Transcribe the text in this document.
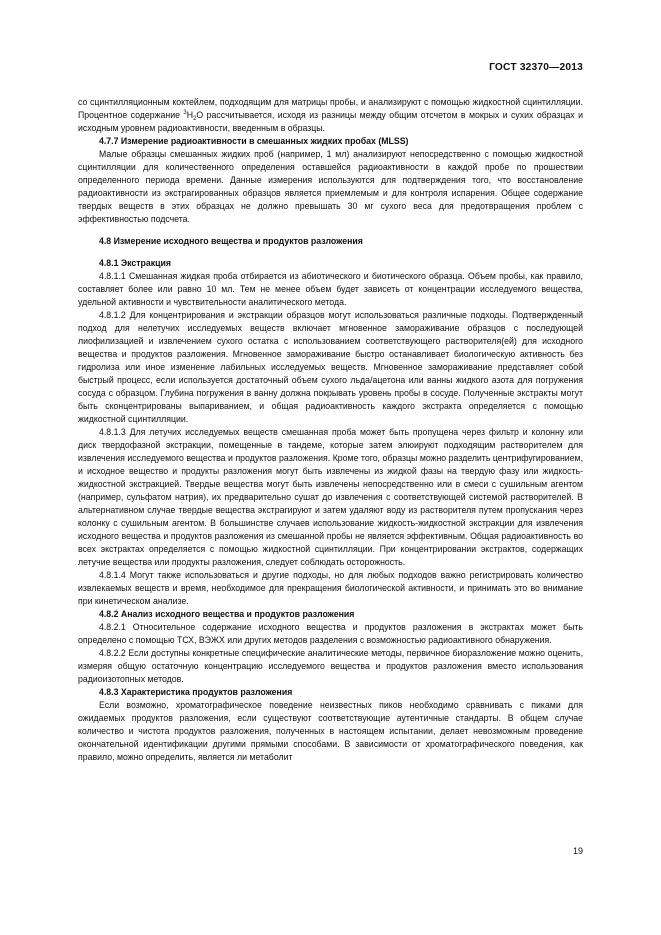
ГОСТ 32370—2013

со сцинтилляционным коктейлем, подходящим для матрицы пробы, и анализируют с помощью жидкостной сцинтилляции. Процентное содержание $^3H_2O$ рассчитывается, исходя из разницы между общим отсчетом в мокрых и сухих образцах и исходным уровнем радиоактивности, введенным в образцы.

4.7.7 Измерение радиоактивности в смешанных жидких пробах (MLSS)

Малые образцы смешанных жидких проб (например, 1 мл) анализируют непосредственно с помощью жидкостной сцинтилляции для количественного определения оставшейся радиоактивности в каждой пробе по прошествии определенного периода времени. Данные измерения используются для подтверждения того, что восстановление радиоактивности из экстрагированных образцов является приемлемым и для контроля испарения. Общее содержание твердых веществ в этих образцах не должно превышать 30 мг сухого веса для предотвращения проблем с эффективностью подсчета.

4.8 Измерение исходного вещества и продуктов разложения

4.8.1 Экстракция

4.8.1.1 Смешанная жидкая проба отбирается из абиотического и биотического образца. Объем пробы, как правило, составляет более или равно 10 мл. Тем не менее объем будет зависеть от концентрации исследуемого вещества, удельной активности и чувствительности аналитического метода.

4.8.1.2 Для концентрирования и экстракции образцов могут использоваться различные подходы. Подтвержденный подход для нелетучих исследуемых веществ включает мгновенное замораживание образцов с последующей лиофилизацией и извлечением сухого остатка с использованием соответствующего растворителя(ей) для исходного вещества и продуктов разложения. Мгновенное замораживание быстро останавливает биологическую активность без гидролиза или иное изменение лабильных исследуемых веществ. Мгновенное замораживание представляет собой быстрый процесс, если используется достаточный объем сухого льда/ацетона или ванны жидкого азота для погружения сосуда с образцом. Глубина погружения в ванну должна покрывать уровень пробы в сосуде. Полученные экстракты могут быть сконцентрированы выпариванием, и общая радиоактивность каждого экстракта определяется с помощью жидкостной сцинтилляции.

4.8.1.3 Для летучих исследуемых веществ смешанная проба может быть пропущена через фильтр и колонну или диск твердофазной экстракции, помещенные в тандеме, которые затем элюируют подходящим растворителем для извлечения исследуемого вещества и продуктов разложения. Кроме того, образцы можно разделить центрифугированием, и исходное вещество и продукты разложения могут быть извлечены из жидкой фазы на твердую фазу или жидкость-жидкостной экстракцией. Твердые вещества могут быть извлечены непосредственно или в смеси с сушильным агентом (например, сульфатом натрия), их предварительно сушат до извлечения с соответствующей системой растворителей. В альтернативном случае твердые вещества экстрагируют и затем удаляют воду из растворителя путем пропускания через колонку с сушильным агентом. В большинстве случаев использование жидкость-жидкостной экстракции для извлечения исходного вещества и продуктов разложения из смешанной пробы не является эффективным. Общая радиоактивность во всех экстрактах определяется с помощью жидкостной сцинтилляции. При концентрировании экстрактов, содержащих летучие вещества или продукты разложения, следует соблюдать осторожность.

4.8.1.4 Могут также использоваться и другие подходы, но для любых подходов важно регистрировать количество извлекаемых веществ и время, необходимое для прекращения биологической активности, и принимать это во внимание при кинетическом анализе.

4.8.2 Анализ исходного вещества и продуктов разложения

4.8.2.1 Относительное содержание исходного вещества и продуктов разложения в экстрактах может быть определено с помощью ТСХ, ВЭЖХ или других методов разделения с возможностью радиоактивного обнаружения.

4.8.2.2 Если доступны конкретные специфические аналитические методы, первичное биоразложение можно оценить, измеряя общую остаточную концентрацию исследуемого вещества и продуктов разложения вместо использования радиоизотопных методов.

4.8.3 Характеристика продуктов разложения

Если возможно, хроматографическое поведение неизвестных пиков необходимо сравнивать с пиками для ожидаемых продуктов разложения, если существуют соответствующие аутентичные стандарты. В общем случае количество и чистота продуктов разложения, полученных в настоящем испытании, делает невозможным проведение окончательной идентификации другими прямыми способами. В зависимости от хроматографического поведения, как правило, можно определить, является ли метаболит

19
